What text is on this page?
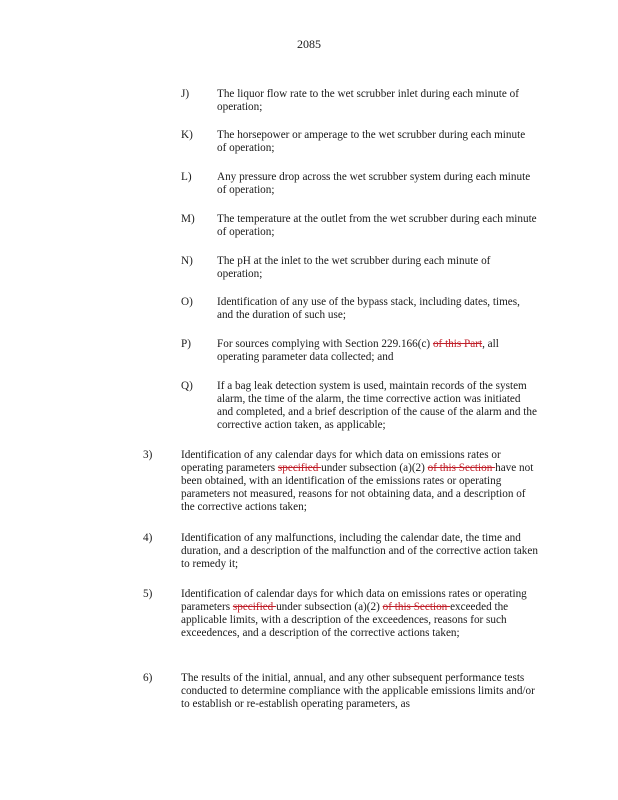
2085
J) The liquor flow rate to the wet scrubber inlet during each minute of operation;
K) The horsepower or amperage to the wet scrubber during each minute of operation;
L) Any pressure drop across the wet scrubber system during each minute of operation;
M) The temperature at the outlet from the wet scrubber during each minute of operation;
N) The pH at the inlet to the wet scrubber during each minute of operation;
O) Identification of any use of the bypass stack, including dates, times, and the duration of such use;
P) For sources complying with Section 229.166(c) of this Part, all operating parameter data collected; and
Q) If a bag leak detection system is used, maintain records of the system alarm, the time of the alarm, the time corrective action was initiated and completed, and a brief description of the cause of the alarm and the corrective action taken, as applicable;
3)	Identification of any calendar days for which data on emissions rates or operating parameters specified under subsection (a)(2) of this Section have not been obtained, with an identification of the emissions rates or operating parameters not measured, reasons for not obtaining data, and a description of the corrective actions taken;
4)	Identification of any malfunctions, including the calendar date, the time and duration, and a description of the malfunction and of the corrective action taken to remedy it;
5)	Identification of calendar days for which data on emissions rates or operating parameters specified under subsection (a)(2) of this Section exceeded the applicable limits, with a description of the exceedences, reasons for such exceedences, and a description of the corrective actions taken;
6)	The results of the initial, annual, and any other subsequent performance tests conducted to determine compliance with the applicable emissions limits and/or to establish or re-establish operating parameters, as
